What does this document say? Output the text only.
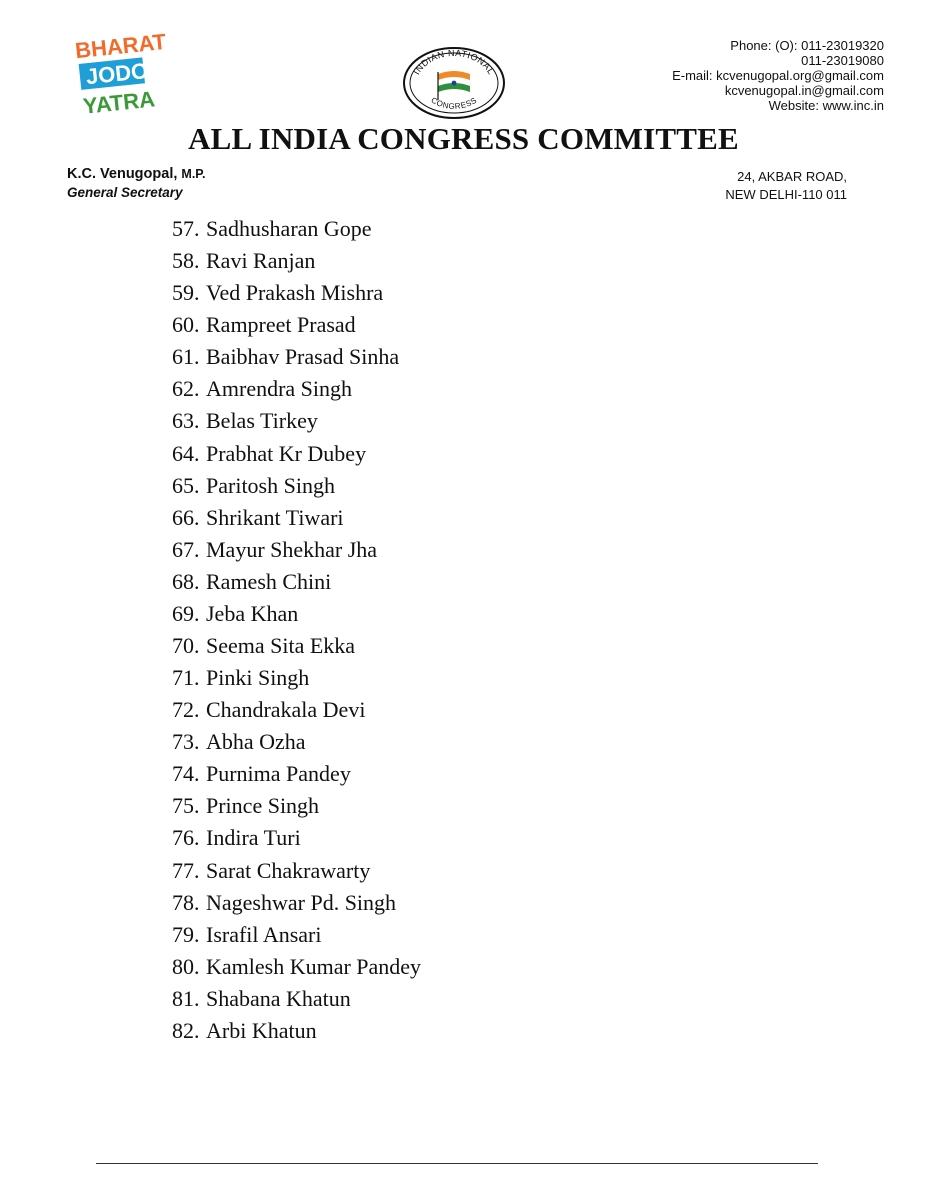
BHARAT
JODO
YATRA
INDIAN NATIONAL
CONGRESS
Phone: (O): 011-23019320
011-23019080
E-mail: kcvenugopal.org@gmail.com
kcvenugopal.in@gmail.com
Website: www.inc.in
ALL INDIA CONGRESS COMMITTEE
K.C. Venugopal, M.P.
General Secretary
24, AKBAR ROAD,
NEW DELHI-110 011
57. Sadhusharan Gope
58. Ravi Ranjan
59. Ved Prakash Mishra
60. Rampreet Prasad
61. Baibhav Prasad Sinha
62. Amrendra Singh
63. Belas Tirkey
64. Prabhat Kr Dubey
65. Paritosh Singh
66. Shrikant Tiwari
67. Mayur Shekhar Jha
68. Ramesh Chini
69. Jeba Khan
70. Seema Sita Ekka
71. Pinki Singh
72. Chandrakala Devi
73. Abha Ozha
74. Purnima Pandey
75. Prince Singh
76. Indira Turi
77. Sarat Chakrawarty
78. Nageshwar Pd. Singh
79. Israfil Ansari
80. Kamlesh Kumar Pandey
81. Shabana Khatun
82. Arbi Khatun
